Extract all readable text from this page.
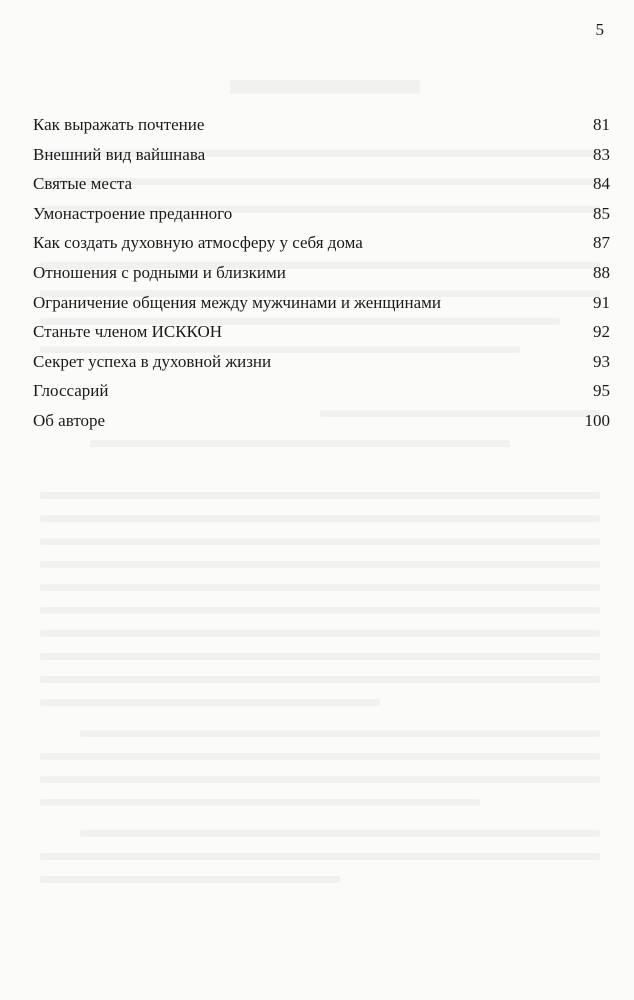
5
Как выражать почтение	81
Внешний вид вайшнава	83
Святые места	84
Умонастроение преданного	85
Как создать духовную атмосферу у себя дома	87
Отношения с родными и близкими	88
Ограничение общения между мужчинами и женщинами	91
Станьте членом ИСККОН	92
Секрет успеха в духовной жизни	93
Глоссарий	95
Об авторе	100
